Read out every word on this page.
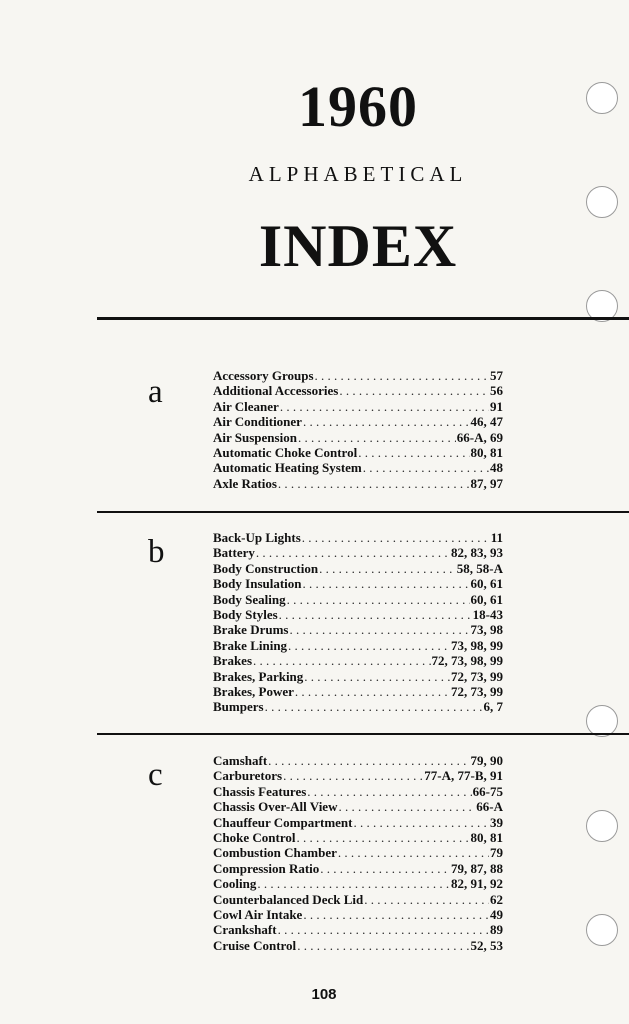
1960
ALPHABETICAL
INDEX
a	Accessory Groups . . .	57
Additional Accessories . . .	56
Air Cleaner . . .	91
Air Conditioner . . .	46, 47
Air Suspension . . .	66-A, 69
Automatic Choke Control . . .	80, 81
Automatic Heating System . . .	48
Axle Ratios . . .	87, 97
b	Back-Up Lights . . .	11
Battery . . .	82, 83, 93
Body Construction . . .	58, 58-A
Body Insulation . . .	60, 61
Body Sealing . . .	60, 61
Body Styles . . .	18-43
Brake Drums . . .	73, 98
Brake Lining . . .	73, 98, 99
Brakes . . .	72, 73, 98, 99
Brakes, Parking . . .	72, 73, 99
Brakes, Power . . .	72, 73, 99
Bumpers . . .	6, 7
c	Camshaft . . .	79, 90
Carburetors . . .	77-A, 77-B, 91
Chassis Features . . .	66-75
Chassis Over-All View . . .	66-A
Chauffeur Compartment . . .	39
Choke Control . . .	80, 81
Combustion Chamber . . .	79
Compression Ratio . . .	79, 87, 88
Cooling . . .	82, 91, 92
Counterbalanced Deck Lid . . .	62
Cowl Air Intake . . .	49
Crankshaft . . .	89
Cruise Control . . .	52, 53
108
